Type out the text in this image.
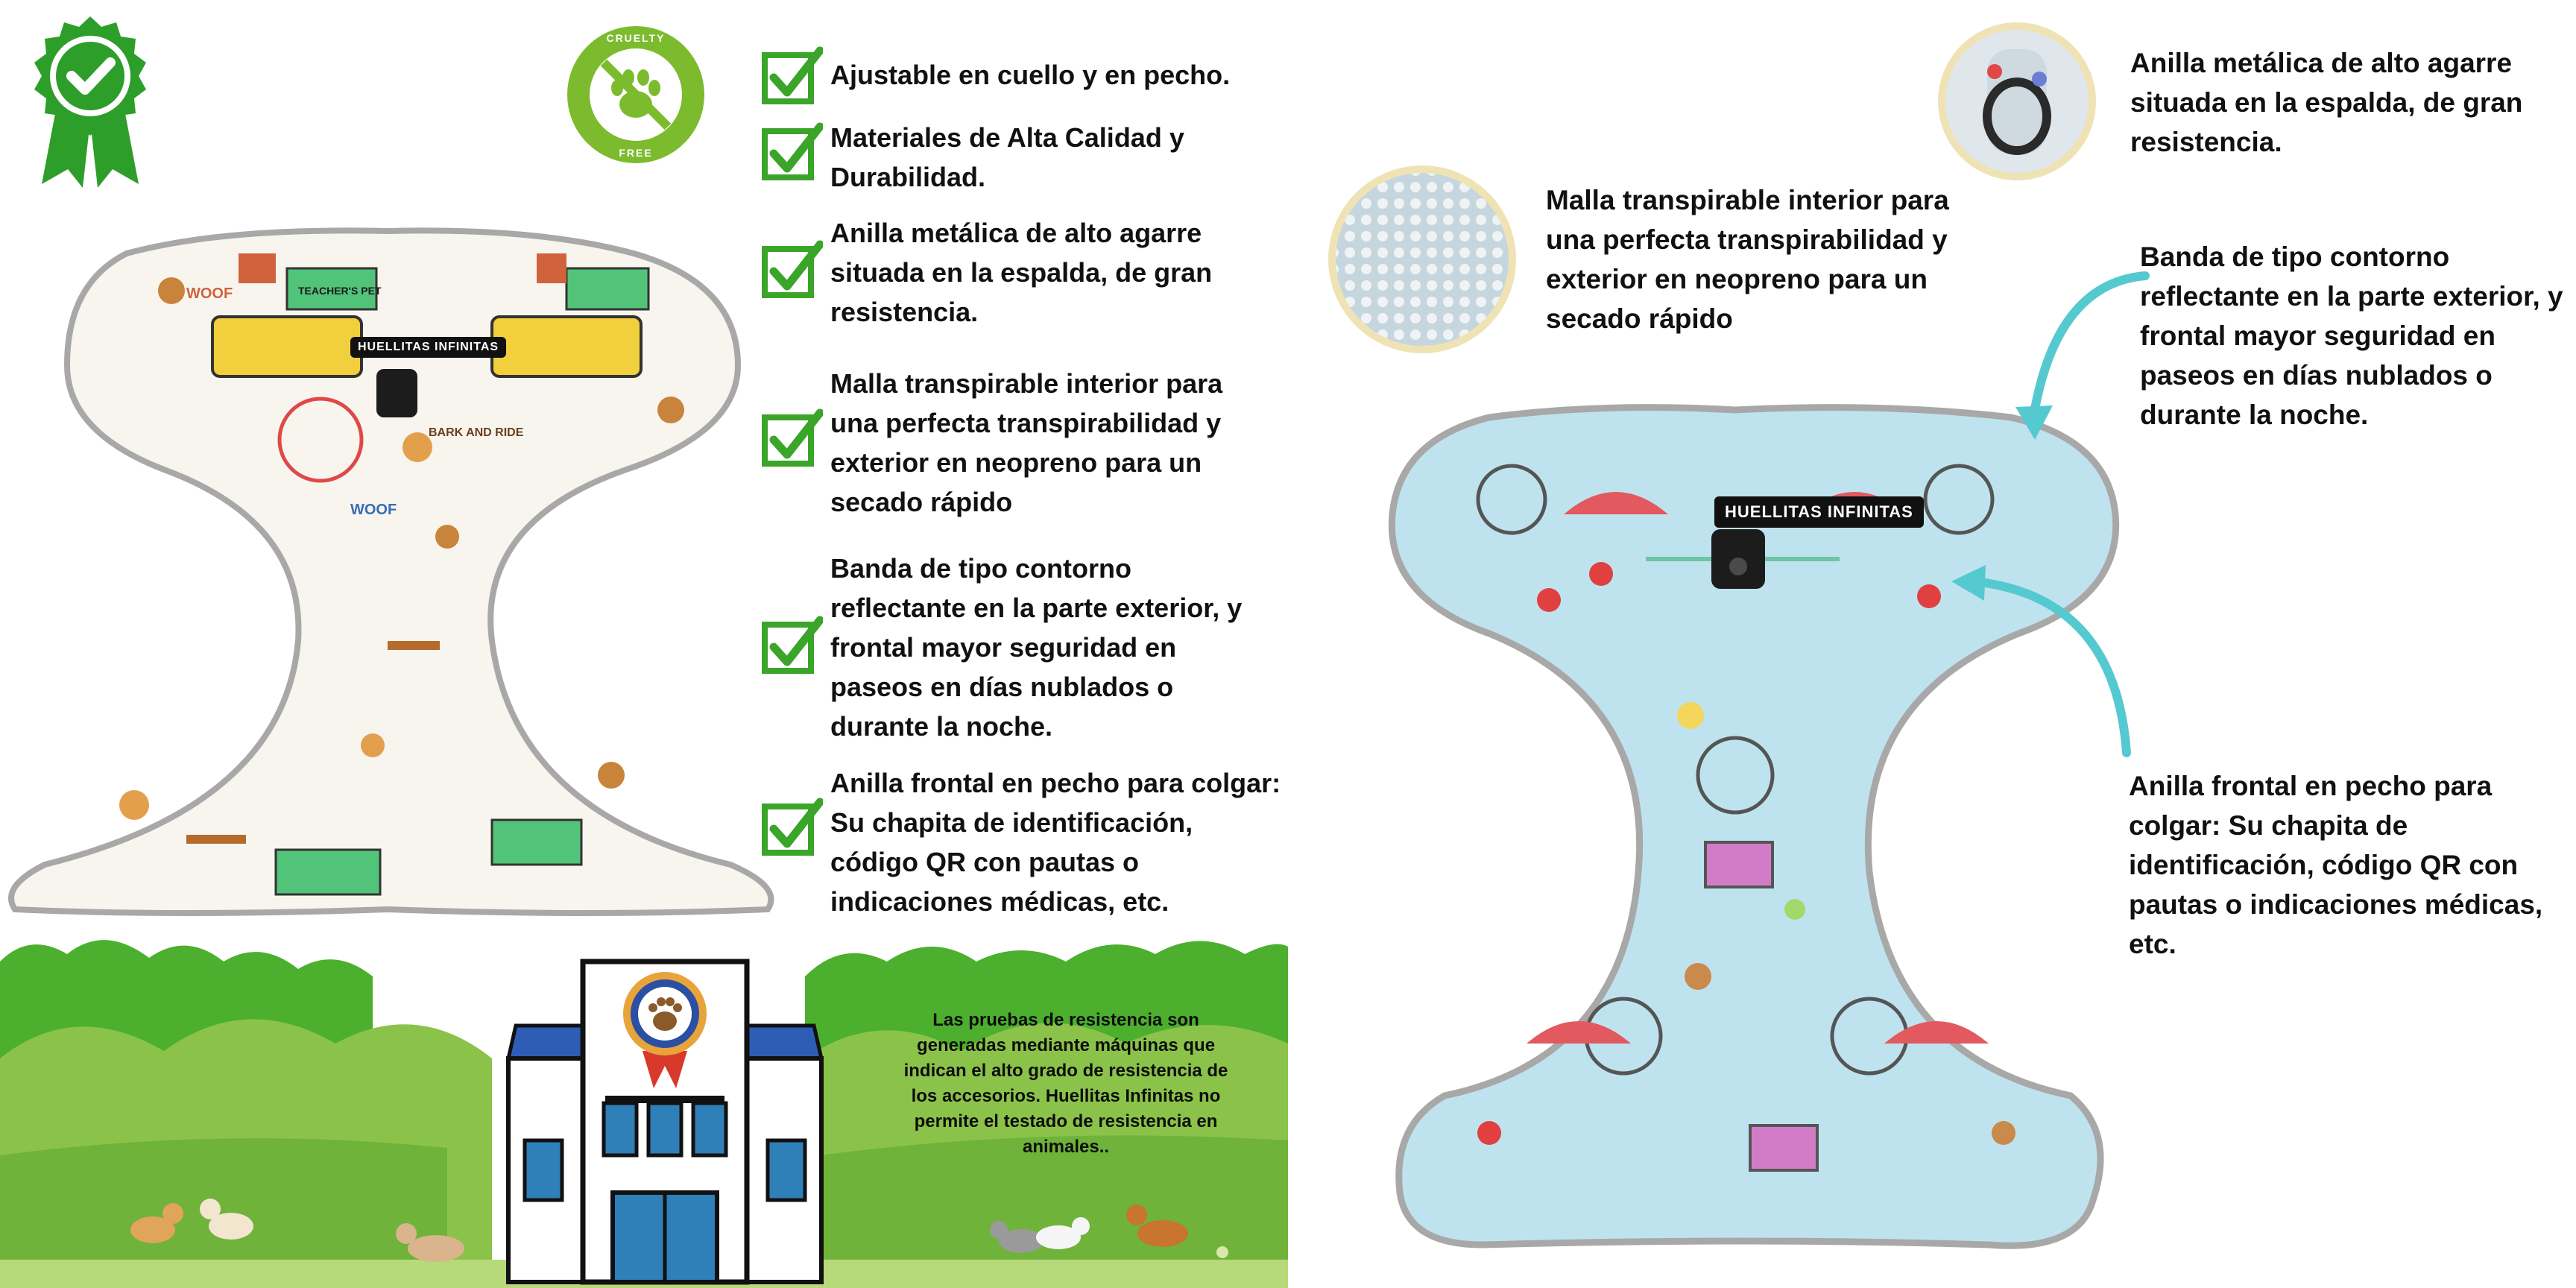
CRUELTY
FREE
WOOF	TEACHER'S PET
BARK AND RIDE
WOOF
HUELLITAS INFINITAS
Ajustable en cuello y en pecho.
Materiales de Alta Calidad y Durabilidad.
Anilla metálica de alto agarre situada en la espalda, de gran resistencia.
Malla transpirable interior para una perfecta transpirabilidad y exterior en neopreno para un secado rápido
Banda de tipo contorno reflectante en la parte exterior, y frontal mayor seguridad en paseos en días nublados o durante la noche.
Anilla frontal en pecho para colgar: Su chapita de identificación, código QR con pautas o indicaciones médicas, etc.
Las pruebas de resistencia son generadas mediante máquinas que indican el alto grado de resistencia de los accesorios. Huellitas Infinitas no permite el testado de resistencia en animales..
Anilla metálica de alto agarre situada en la espalda, de gran resistencia.
Malla transpirable interior para una perfecta transpirabilidad y exterior en neopreno para un secado rápido
Banda de tipo contorno reflectante en la parte exterior, y frontal mayor seguridad en paseos en días nublados o durante la noche.
HUELLITAS INFINITAS
Anilla frontal en pecho para colgar: Su chapita de identificación, código QR con pautas o indicaciones médicas, etc.
